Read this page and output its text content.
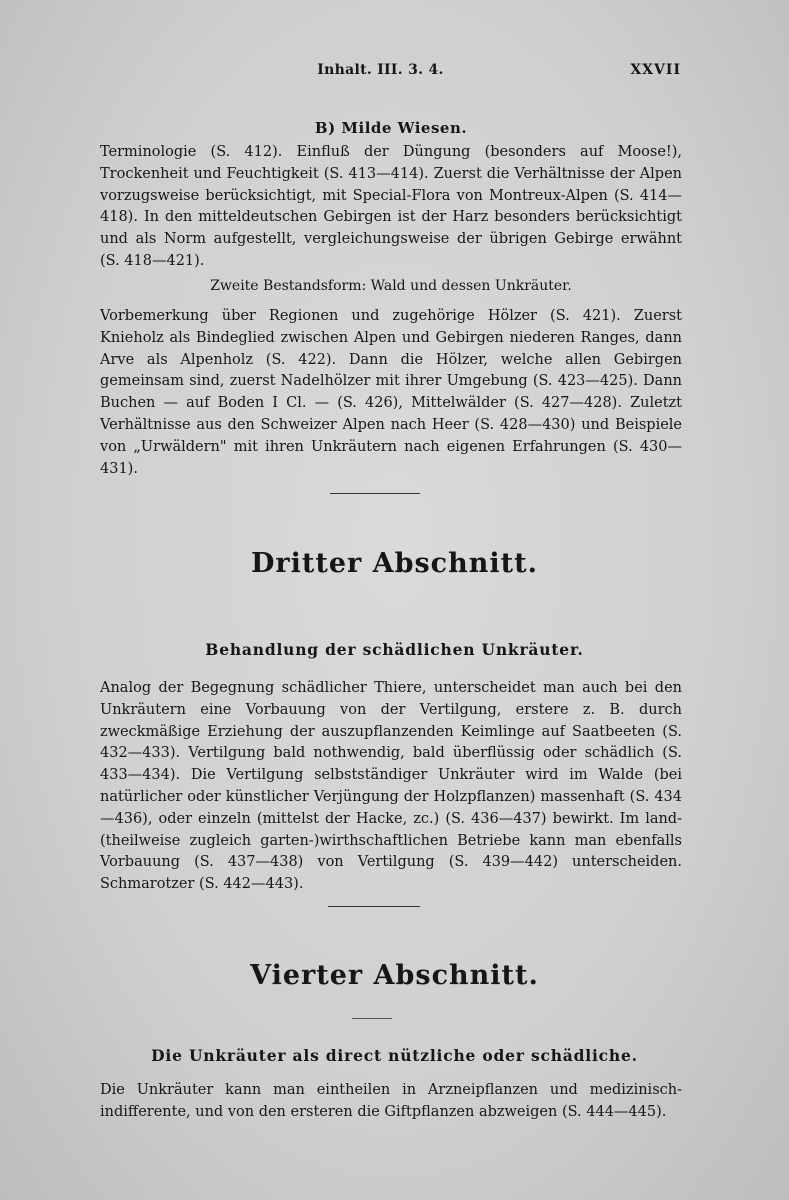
Inhalt. III. 3. 4.	XXVII
B) Milde Wiesen.
Terminologie (S. 412). Einfluß der Düngung (besonders auf Moose!), Trockenheit und Feuchtigkeit (S. 413—414). Zuerst die Verhältnisse der Alpen vorzugsweise berücksichtigt, mit Special-Flora von Montreux-Alpen (S. 414—418). In den mitteldeutschen Gebirgen ist der Harz besonders berücksichtigt und als Norm aufgestellt, vergleichungsweise der übrigen Gebirge erwähnt (S. 418—421).
Zweite Bestandsform: Wald und dessen Unkräuter.
Vorbemerkung über Regionen und zugehörige Hölzer (S. 421). Zuerst Knieholz als Bindeglied zwischen Alpen und Gebirgen niederen Ranges, dann Arve als Alpenholz (S. 422). Dann die Hölzer, welche allen Gebirgen gemeinsam sind, zuerst Nadelhölzer mit ihrer Umgebung (S. 423—425). Dann Buchen — auf Boden I Cl. — (S. 426), Mittelwälder (S. 427—428). Zuletzt Verhältnisse aus den Schweizer Alpen nach Heer (S. 428—430) und Beispiele von „Urwäldern" mit ihren Unkräutern nach eigenen Erfahrungen (S. 430—431).
Dritter Abschnitt.
Behandlung der schädlichen Unkräuter.
Analog der Begegnung schädlicher Thiere, unterscheidet man auch bei den Unkräutern eine Vorbauung von der Vertilgung, erstere z. B. durch zweckmäßige Erziehung der auszupflanzenden Keimlinge auf Saatbeeten (S. 432—433). Vertilgung bald nothwendig, bald überflüssig oder schädlich (S. 433—434). Die Vertilgung selbstständiger Unkräuter wird im Walde (bei natürlicher oder künstlicher Verjüngung der Holzpflanzen) massenhaft (S. 434—436), oder einzeln (mittelst der Hacke, zc.) (S. 436—437) bewirkt. Im land-(theilweise zugleich garten-)wirthschaftlichen Betriebe kann man ebenfalls Vorbauung (S. 437—438) von Vertilgung (S. 439—442) unterscheiden. Schmarotzer (S. 442—443).
Vierter Abschnitt.
Die Unkräuter als direct nützliche oder schädliche.
Die Unkräuter kann man eintheilen in Arzneipflanzen und medizinisch-indifferente, und von den ersteren die Giftpflanzen abzweigen (S. 444—445).
